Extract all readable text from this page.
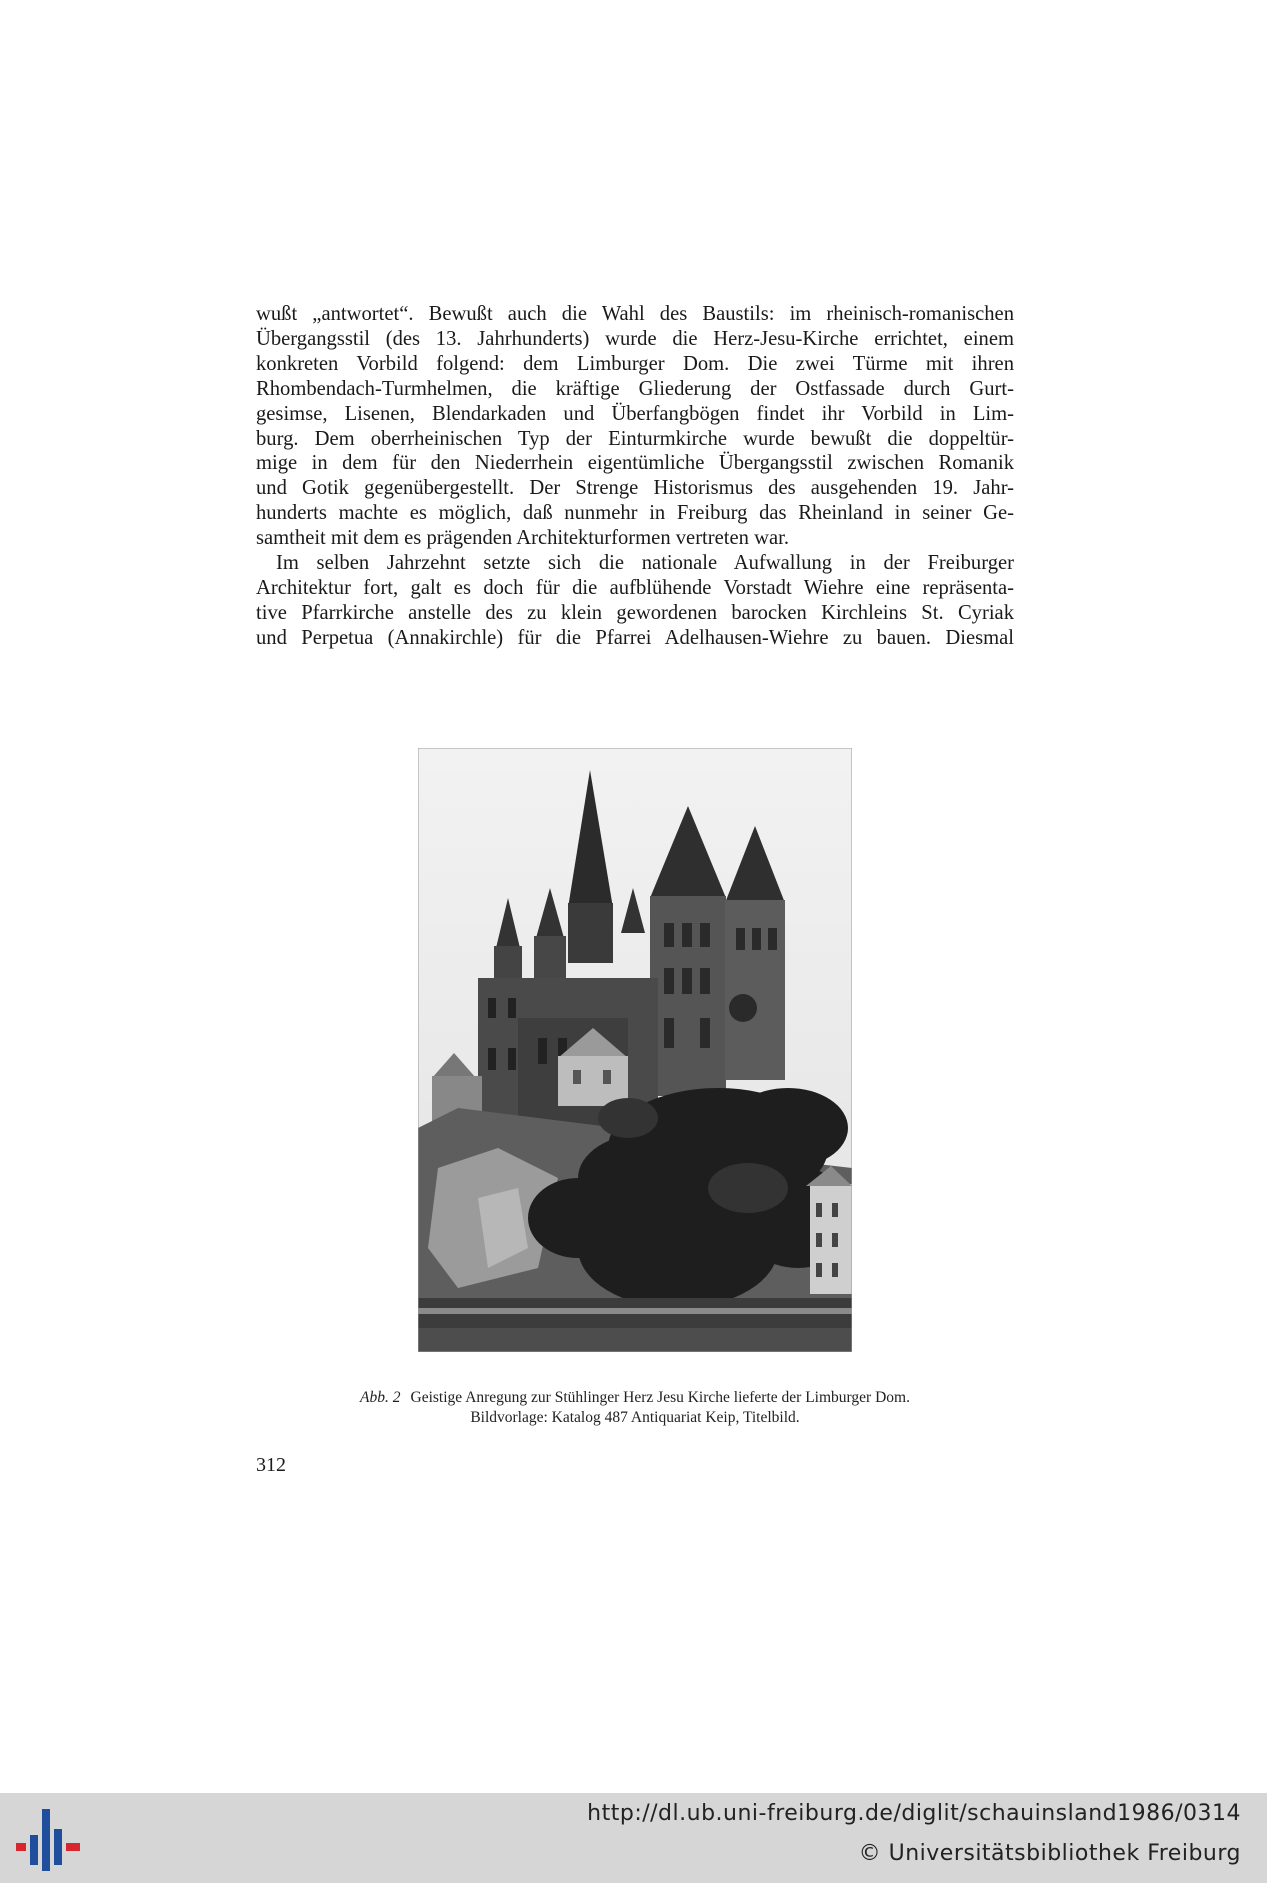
wußt „antwortet“. Bewußt auch die Wahl des Baustils: im rheinisch-romanischen
Übergangsstil (des 13. Jahrhunderts) wurde die Herz-Jesu-Kirche errichtet, einem
konkreten Vorbild folgend: dem Limburger Dom. Die zwei Türme mit ihren
Rhombendach-Turmhelmen, die kräftige Gliederung der Ostfassade durch Gurt-
gesimse, Lisenen, Blendarkaden und Überfangbögen findet ihr Vorbild in Lim-
burg. Dem oberrheinischen Typ der Einturmkirche wurde bewußt die doppeltür-
mige in dem für den Niederrhein eigentümliche Übergangsstil zwischen Romanik
und Gotik gegenübergestellt. Der Strenge Historismus des ausgehenden 19. Jahr-
hunderts machte es möglich, daß nunmehr in Freiburg das Rheinland in seiner Ge-
samtheit mit dem es prägenden Architekturformen vertreten war.
Im selben Jahrzehnt setzte sich die nationale Aufwallung in der Freiburger
Architektur fort, galt es doch für die aufblühende Vorstadt Wiehre eine repräsenta-
tive Pfarrkirche anstelle des zu klein gewordenen barocken Kirchleins St. Cyriak
und Perpetua (Annakirchle) für die Pfarrei Adelhausen-Wiehre zu bauen. Diesmal
Abb. 2 Geistige Anregung zur Stühlinger Herz Jesu Kirche lieferte der Limburger Dom.
Bildvorlage: Katalog 487 Antiquariat Keip, Titelbild.
312
http://dl.ub.uni-freiburg.de/diglit/schauinsland1986/0314
© Universitätsbibliothek Freiburg
